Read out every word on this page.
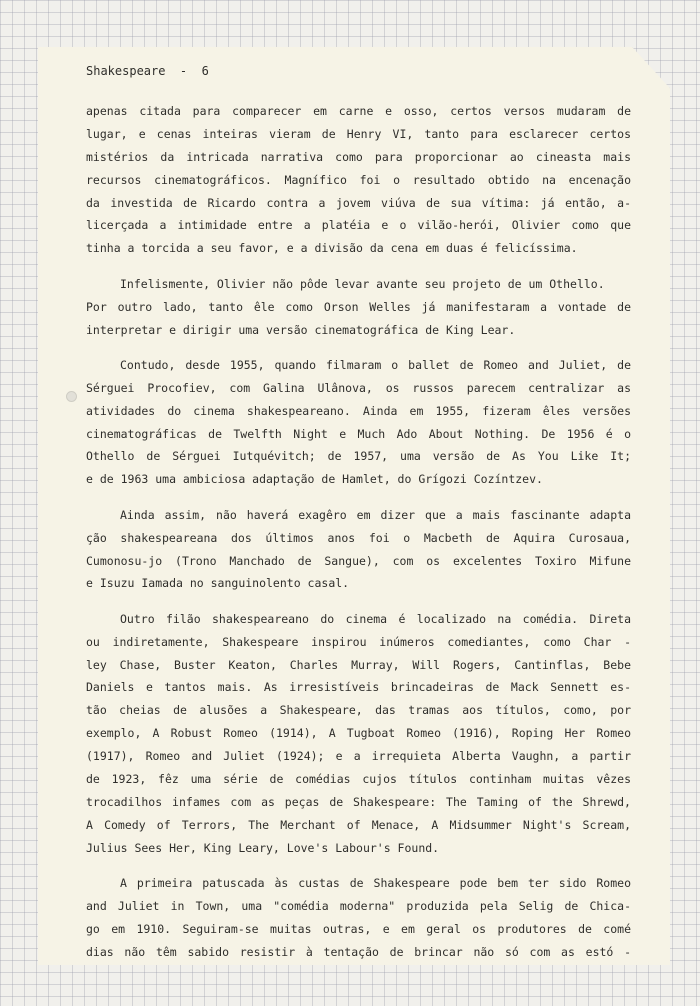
Shakespeare  -  6
apenas citada para comparecer em carne e osso, certos versos mudaram de
lugar, e cenas inteiras vieram de Henry VI, tanto para esclarecer certos
mistérios da intricada narrativa como para proporcionar ao cineasta mais
recursos cinematográficos. Magnífico foi o resultado obtido na encenação
da investida de Ricardo contra a jovem viúva de sua vítima: já então, a-
licerçada a intimidade entre a platéia e o vilão-herói, Olivier como que
tinha a torcida a seu favor, e a divisão da cena em duas é felicíssima.
Infelismente, Olivier não pôde levar avante seu projeto de um Othello.
Por outro lado, tanto êle como Orson Welles já manifestaram a vontade de
interpretar e dirigir uma versão cinematográfica de King Lear.
Contudo, desde 1955, quando filmaram o ballet de Romeo and Juliet, de
Sérguei Procofiev, com Galina Ulânova, os russos parecem centralizar as
atividades do cinema shakespeareano. Ainda em 1955, fizeram êles versões
cinematográficas de Twelfth Night e Much Ado About Nothing. De 1956 é o
Othello de Sérguei Iutquévitch; de 1957, uma versão de As You Like It;
e de 1963 uma ambiciosa adaptação de Hamlet, do Grígozi Cozíntzev.
Ainda assim, não haverá exagêro em dizer que a mais fascinante adapta
ção shakespeareana dos últimos anos foi o Macbeth de Aquira Curosaua,
Cumonosu-jo (Trono Manchado de Sangue), com os excelentes Toxiro Mifune
e Isuzu Iamada no sanguinolento casal.
Outro filão shakespeareano do cinema é localizado na comédia. Direta
ou indiretamente, Shakespeare inspirou inúmeros comediantes, como Char -
ley Chase, Buster Keaton, Charles Murray, Will Rogers, Cantinflas, Bebe
Daniels e tantos mais. As irresistíveis brincadeiras de Mack Sennett es-
tão cheias de alusões a Shakespeare, das tramas aos títulos, como, por
exemplo, A Robust Romeo (1914), A Tugboat Romeo (1916), Roping Her Romeo
(1917), Romeo and Juliet (1924); e a irrequieta Alberta Vaughn, a partir
de 1923, fêz uma série de comédias cujos títulos continham muitas vêzes
trocadilhos infames com as peças de Shakespeare: The Taming of the Shrewd,
A Comedy of Terrors, The Merchant of Menace, A Midsummer Night's Scream,
Julius Sees Her, King Leary, Love's Labour's Found.
A primeira patuscada às custas de Shakespeare pode bem ter sido Romeo
and Juliet in Town, uma "comédia moderna" produzida pela Selig de Chica-
go em 1910. Seguiram-se muitas outras, e em geral os produtores de comé
dias não têm sabido resistir à tentação de brincar não só com as estó -
